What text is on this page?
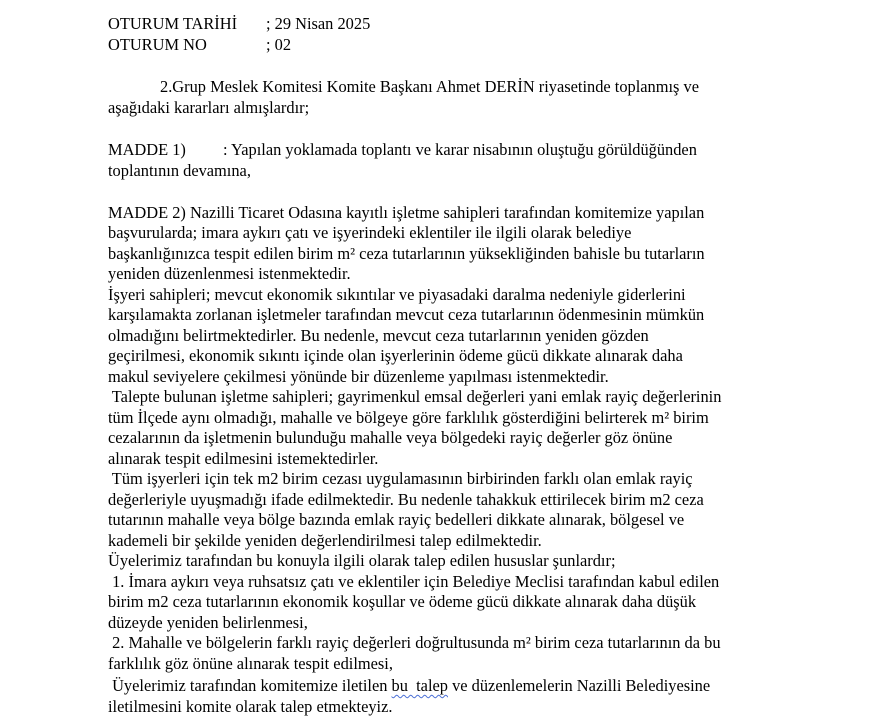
OTURUM TARİHİ ; 29 Nisan 2025
OTURUM NO	; 02
2.Grup Meslek Komitesi Komite Başkanı Ahmet DERİN riyasetinde toplanmış ve
aşağıdaki kararları almışlardır;
MADDE 1) : Yapılan yoklamada toplantı ve karar nisabının oluştuğu görüldüğünden
toplantının devamına,
MADDE 2) Nazilli Ticaret Odasına kayıtlı işletme sahipleri tarafından komitemize yapılan
başvurularda; imara aykırı çatı ve işyerindeki eklentiler ile ilgili olarak belediye
başkanlığınızca tespit edilen birim m² ceza tutarlarının yüksekliğinden bahisle bu tutarların
yeniden düzenlenmesi istenmektedir.
İşyeri sahipleri; mevcut ekonomik sıkıntılar ve piyasadaki daralma nedeniyle giderlerini
karşılamakta zorlanan işletmeler tarafından mevcut ceza tutarlarının ödenmesinin mümkün
olmadığını belirtmektedirler. Bu nedenle, mevcut ceza tutarlarının yeniden gözden
geçirilmesi, ekonomik sıkıntı içinde olan işyerlerinin ödeme gücü dikkate alınarak daha
makul seviyelere çekilmesi yönünde bir düzenleme yapılması istenmektedir.
Talepte bulunan işletme sahipleri; gayrimenkul emsal değerleri yani emlak rayiç değerlerinin
tüm İlçede aynı olmadığı, mahalle ve bölgeye göre farklılık gösterdiğini belirterek m² birim
cezalarının da işletmenin bulunduğu mahalle veya bölgedeki rayiç değerler göz önüne
alınarak tespit edilmesini istemektedirler.
Tüm işyerleri için tek m2 birim cezası uygulamasının birbirinden farklı olan emlak rayiç
değerleriyle uyuşmadığı ifade edilmektedir. Bu nedenle tahakkuk ettirilecek birim m2 ceza
tutarının mahalle veya bölge bazında emlak rayiç bedelleri dikkate alınarak, bölgesel ve
kademeli bir şekilde yeniden değerlendirilmesi talep edilmektedir.
Üyelerimiz tarafından bu konuyla ilgili olarak talep edilen hususlar şunlardır;
1. İmara aykırı veya ruhsatsız çatı ve eklentiler için Belediye Meclisi tarafından kabul edilen
birim m2 ceza tutarlarının ekonomik koşullar ve ödeme gücü dikkate alınarak daha düşük
düzeyde yeniden belirlenmesi,
2. Mahalle ve bölgelerin farklı rayiç değerleri doğrultusunda m² birim ceza tutarlarının da bu
farklılık göz önüne alınarak tespit edilmesi,
Üyelerimiz tarafından komitemize iletilen bu  talep ve düzenlemelerin Nazilli Belediyesine
iletilmesini komite olarak talep etmekteyiz.
